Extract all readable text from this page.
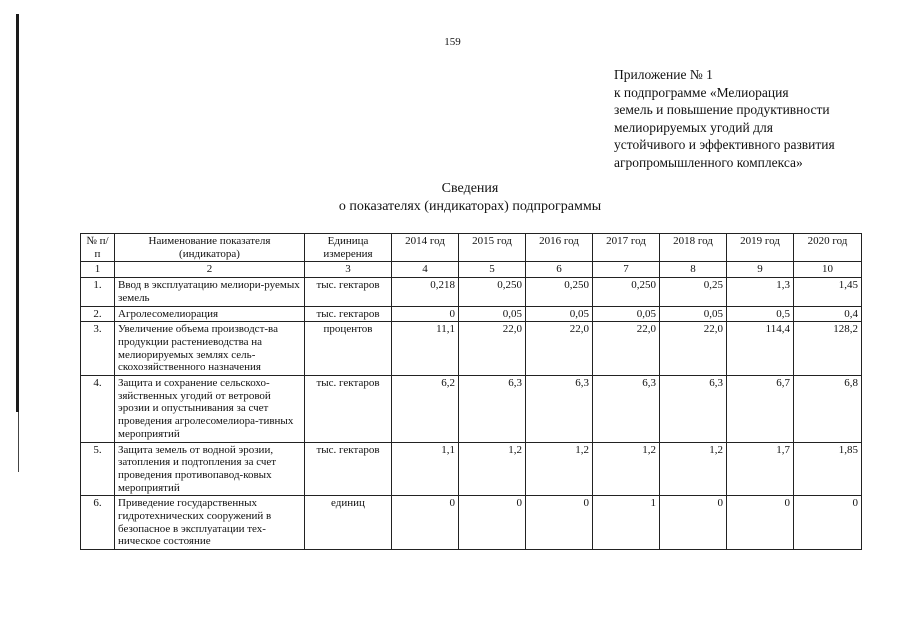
159
Приложение № 1
к подпрограмме «Мелиорация
земель и повышение продуктивности
мелиорируемых угодий для
устойчивого и эффективного развития
агропромышленного комплекса»
Сведения
о показателях (индикаторах) подпрограммы
№ п/п	Наименование показателя (индикатора)	Единица измерения	2014 год	2015 год	2016 год	2017 год	2018 год	2019 год	2020 год
1	2	3	4	5	6	7	8	9	10
1.	Ввод в эксплуатацию мелиори-руемых земель	тыс. гектаров	0,218	0,250	0,250	0,250	0,25	1,3	1,45
2.	Агролесомелиорация	тыс. гектаров	0	0,05	0,05	0,05	0,05	0,5	0,4
3.	Увеличение объема производст-ва продукции растениеводства на мелиорируемых землях сель-скохозяйственного назначения	процентов	11,1	22,0	22,0	22,0	22,0	114,4	128,2
4.	Защита и сохранение сельскохо-зяйственных угодий от ветровой эрозии и опустынивания за счет проведения агролесомелиора-тивных мероприятий	тыс. гектаров	6,2	6,3	6,3	6,3	6,3	6,7	6,8
5.	Защита земель от водной эрозии, затопления и подтопления за счет проведения противопавод-ковых мероприятий	тыс. гектаров	1,1	1,2	1,2	1,2	1,2	1,7	1,85
6.	Приведение государственных гидротехнических сооружений в безопасное в эксплуатации тех-ническое состояние	единиц	0	0	0	1	0	0	0
